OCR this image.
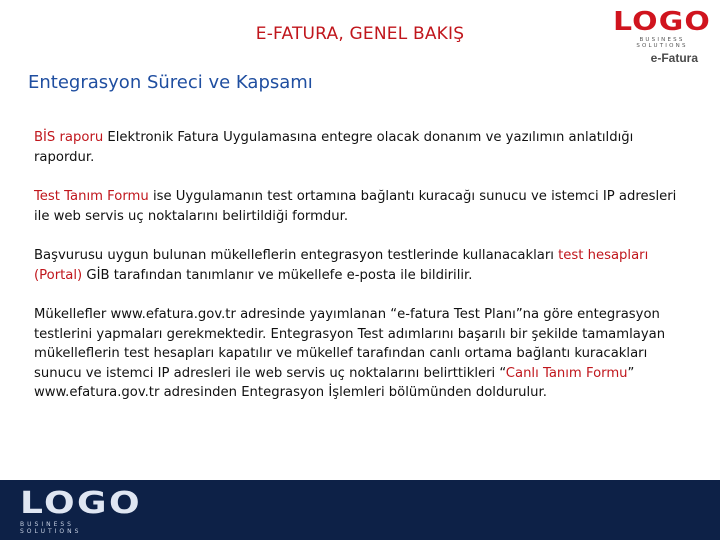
E-FATURA, GENEL BAKIŞ	LOGO
BUSINESS SOLUTIONS
e-Fatura
Entegrasyon Süreci ve Kapsamı

BİS raporu Elektronik Fatura Uygulamasına entegre olacak donanım ve yazılımın anlatıldığı rapordur.

Test Tanım Formu ise Uygulamanın test ortamına bağlantı kuracağı sunucu ve istemci IP adresleri ile web servis uç noktalarını belirtildiği formdur.

Başvurusu uygun bulunan mükelleflerin entegrasyon testlerinde kullanacakları test hesapları (Portal) GİB tarafından tanımlanır ve mükellefe e-posta ile bildirilir.

Mükellefler www.efatura.gov.tr adresinde yayımlanan “e-fatura Test Planı”na göre entegrasyon testlerini yapmaları gerekmektedir. Entegrasyon Test adımlarını başarılı bir şekilde tamamlayan mükelleflerin test hesapları kapatılır ve mükellef tarafından canlı ortama bağlantı kuracakları sunucu ve istemci IP adresleri ile web servis uç noktalarını belirttikleri “Canlı Tanım Formu” www.efatura.gov.tr adresinden Entegrasyon İşlemleri bölümünden doldurulur.

LOGO
BUSINESS SOLUTIONS
